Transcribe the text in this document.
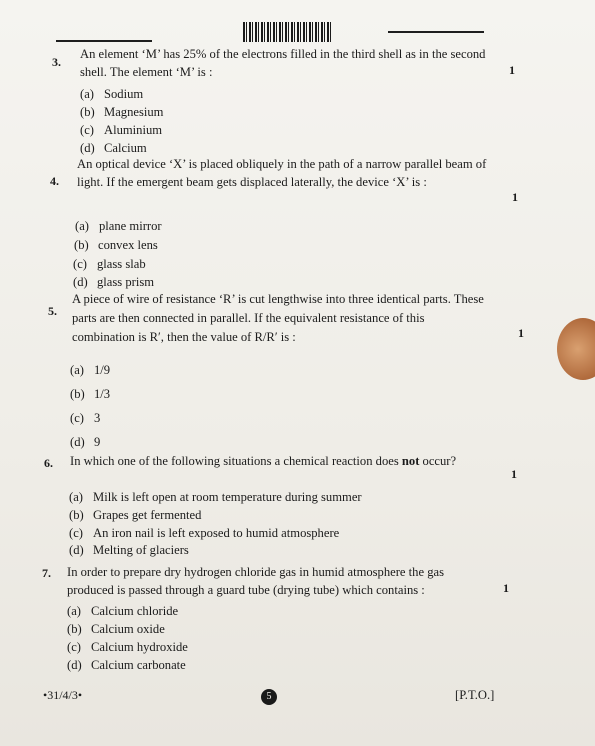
3.
An element ‘M’ has 25% of the electrons filled in the third shell as in the second shell. The element ‘M’ is :	1
(a) Sodium
(b) Magnesium
(c) Aluminium
(d) Calcium
4.
An optical device ‘X’ is placed obliquely in the path of a narrow parallel beam of light. If the emergent beam gets displaced laterally, the device ‘X’ is :
1
(a) plane mirror
(b) convex lens
(c) glass slab
(d) glass prism
5.
A piece of wire of resistance ‘R’ is cut lengthwise into three identical parts. These parts are then connected in parallel. If the equivalent resistance of this combination is R′, then the value of R/R′ is :	1
(a) 1/9
(b) 1/3
(c) 3
(d) 9
6. In which one of the following situations a chemical reaction does not occur?
1
(a) Milk is left open at room temperature during summer
(b) Grapes get fermented
(c) An iron nail is left exposed to humid atmosphere
(d) Melting of glaciers
7. In order to prepare dry hydrogen chloride gas in humid atmosphere the gas produced is passed through a guard tube (drying tube) which contains :	1
(a) Calcium chloride
(b) Calcium oxide
(c) Calcium hydroxide
(d) Calcium carbonate
•31/4/3•	5	[P.T.O.]
